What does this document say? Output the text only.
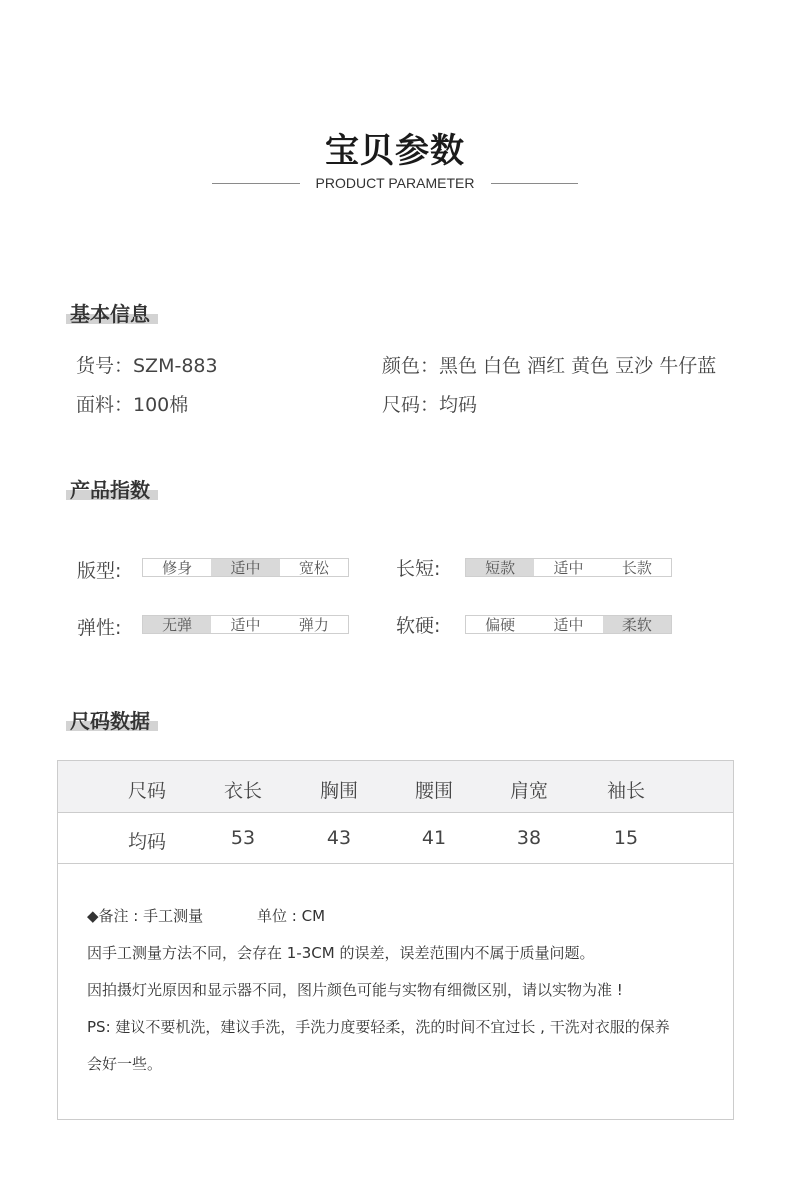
宝贝参数
PRODUCT PARAMETER
基本信息
货号：SZM-883	颜色：黑色 白色 酒红 黄色 豆沙 牛仔蓝
面料：100棉	尺码：均码
产品指数
版型:	修身	适中	宽松	长短:	短款	适中	长款
弹性:	无弹	适中	弹力	软硬:	偏硬	适中	柔软
尺码数据
尺码	衣长	胸围	腰围	肩宽	袖长
均码	53	43	41	38	15
◆备注 : 手工测量	单位 : CM
因手工测量方法不同，会存在 1-3CM 的误差，误差范围内不属于质量问题。
因拍摄灯光原因和显示器不同，图片颜色可能与实物有细微区别，请以实物为准 !
PS: 建议不要机洗，建议手洗，手洗力度要轻柔，洗的时间不宜过长 , 干洗对衣服的保养
会好一些。
